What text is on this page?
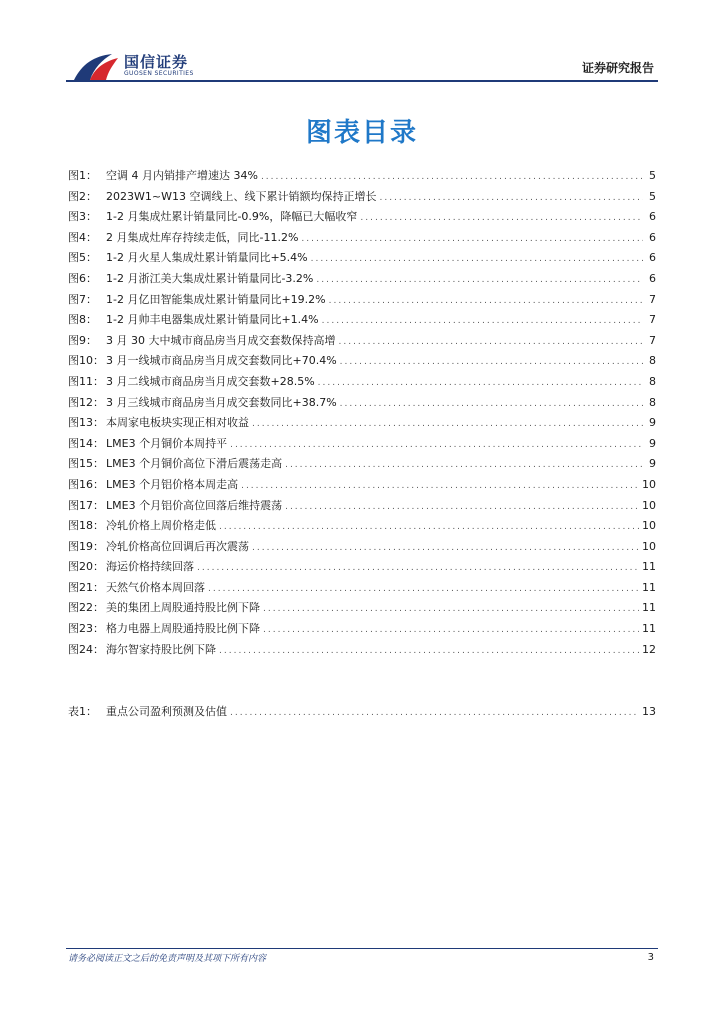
国信证券
GUOSEN SECURITIES	证券研究报告
图表目录
图1： 空调 4 月内销排产增速达 34% .....	5
图2： 2023W1~W13 空调线上、线下累计销额均保持正增长 .....	5
图3： 1-2 月集成灶累计销量同比-0.9%，降幅已大幅收窄 .....	6
图4： 2 月集成灶库存持续走低，同比-11.2% .....	6
图5： 1-2 月火星人集成灶累计销量同比+5.4% .....	6
图6： 1-2 月浙江美大集成灶累计销量同比-3.2% .....	6
图7： 1-2 月亿田智能集成灶累计销量同比+19.2% .....	7
图8： 1-2 月帅丰电器集成灶累计销量同比+1.4% .....	7
图9： 3 月 30 大中城市商品房当月成交套数保持高增 .....	7
图10： 3 月一线城市商品房当月成交套数同比+70.4% .....	8
图11： 3 月二线城市商品房当月成交套数+28.5% .....	8
图12： 3 月三线城市商品房当月成交套数同比+38.7% .....	8
图13： 本周家电板块实现正相对收益 .....	9
图14： LME3 个月铜价本周持平 .....	9
图15： LME3 个月铜价高位下滑后震荡走高 .....	9
图16： LME3 个月铝价格本周走高 .....	10
图17： LME3 个月铝价高位回落后维持震荡 .....	10
图18： 冷轧价格上周价格走低 .....	10
图19： 冷轧价格高位回调后再次震荡 .....	10
图20： 海运价格持续回落 .....	11
图21： 天然气价格本周回落 .....	11
图22： 美的集团上周股通持股比例下降 .....	11
图23： 格力电器上周股通持股比例下降 .....	11
图24： 海尔智家持股比例下降 .....	12
表1： 重点公司盈利预测及估值 .....	13
请务必阅读正文之后的免责声明及其项下所有内容	3
